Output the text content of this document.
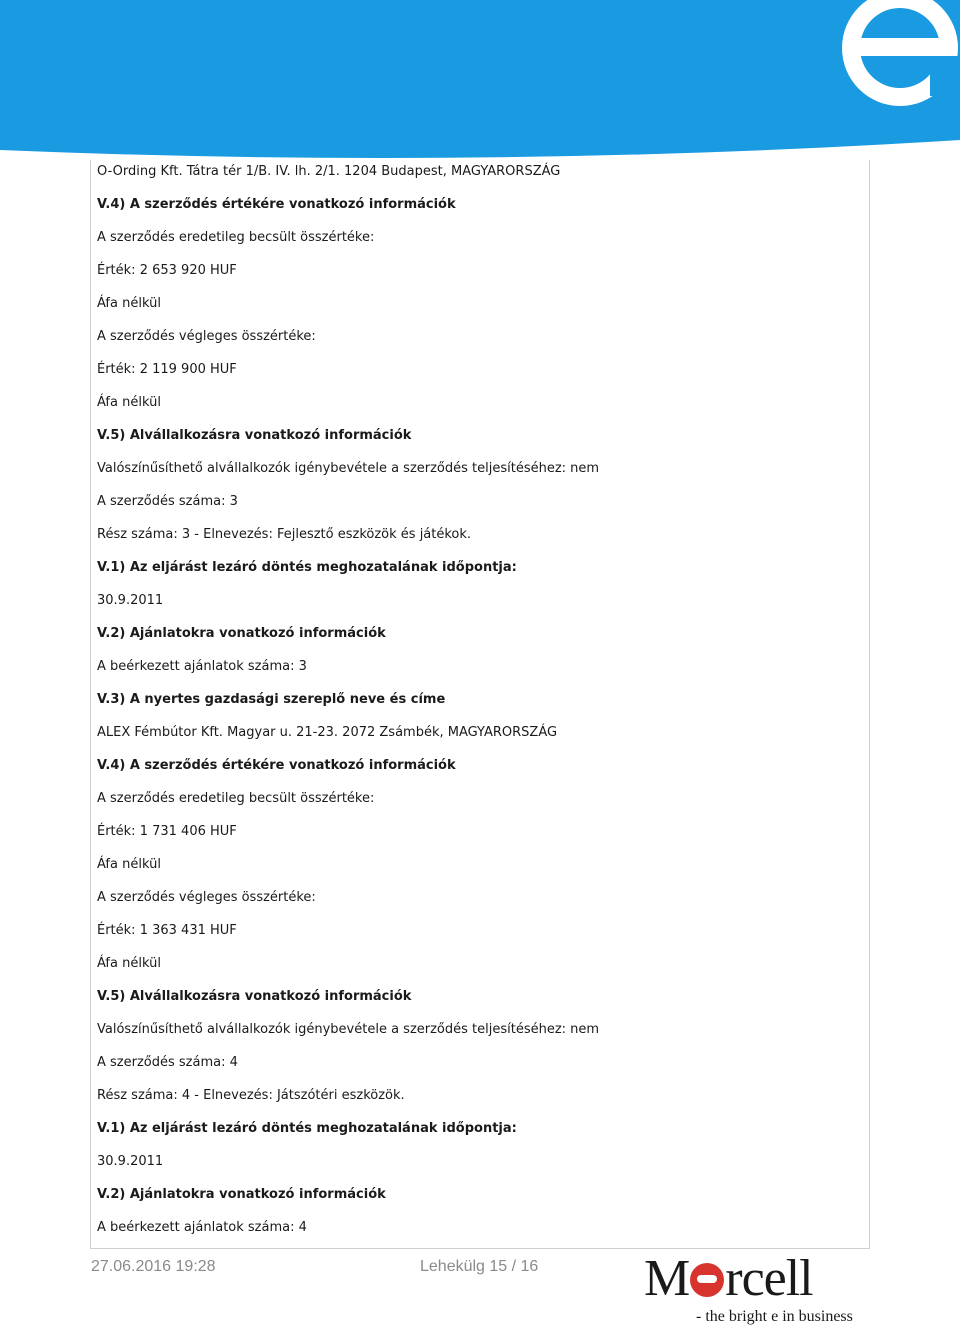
O-Ording Kft. Tátra tér 1/B. IV. lh. 2/1. 1204 Budapest, MAGYARORSZÁG
V.4) A szerződés értékére vonatkozó információk
A szerződés eredetileg becsült összértéke:
Érték: 2 653 920 HUF
Áfa nélkül
A szerződés végleges összértéke:
Érték: 2 119 900 HUF
Áfa nélkül
V.5) Alvállalkozásra vonatkozó információk
Valószínűsíthető alvállalkozók igénybevétele a szerződés teljesítéséhez: nem
A szerződés száma: 3
Rész száma: 3 - Elnevezés: Fejlesztő eszközök és játékok.
V.1) Az eljárást lezáró döntés meghozatalának időpontja:
30.9.2011
V.2) Ajánlatokra vonatkozó információk
A beérkezett ajánlatok száma: 3
V.3) A nyertes gazdasági szereplő neve és címe
ALEX Fémbútor Kft. Magyar u. 21-23. 2072 Zsámbék, MAGYARORSZÁG
V.4) A szerződés értékére vonatkozó információk
A szerződés eredetileg becsült összértéke:
Érték: 1 731 406 HUF
Áfa nélkül
A szerződés végleges összértéke:
Érték: 1 363 431 HUF
Áfa nélkül
V.5) Alvállalkozásra vonatkozó információk
Valószínűsíthető alvállalkozók igénybevétele a szerződés teljesítéséhez: nem
A szerződés száma: 4
Rész száma: 4 - Elnevezés: Játszótéri eszközök.
V.1) Az eljárást lezáró döntés meghozatalának időpontja:
30.9.2011
V.2) Ajánlatokra vonatkozó információk
A beérkezett ajánlatok száma: 4
27.06.2016 19:28	Lehekülg 15 / 16 M rcell
- the bright e in business
